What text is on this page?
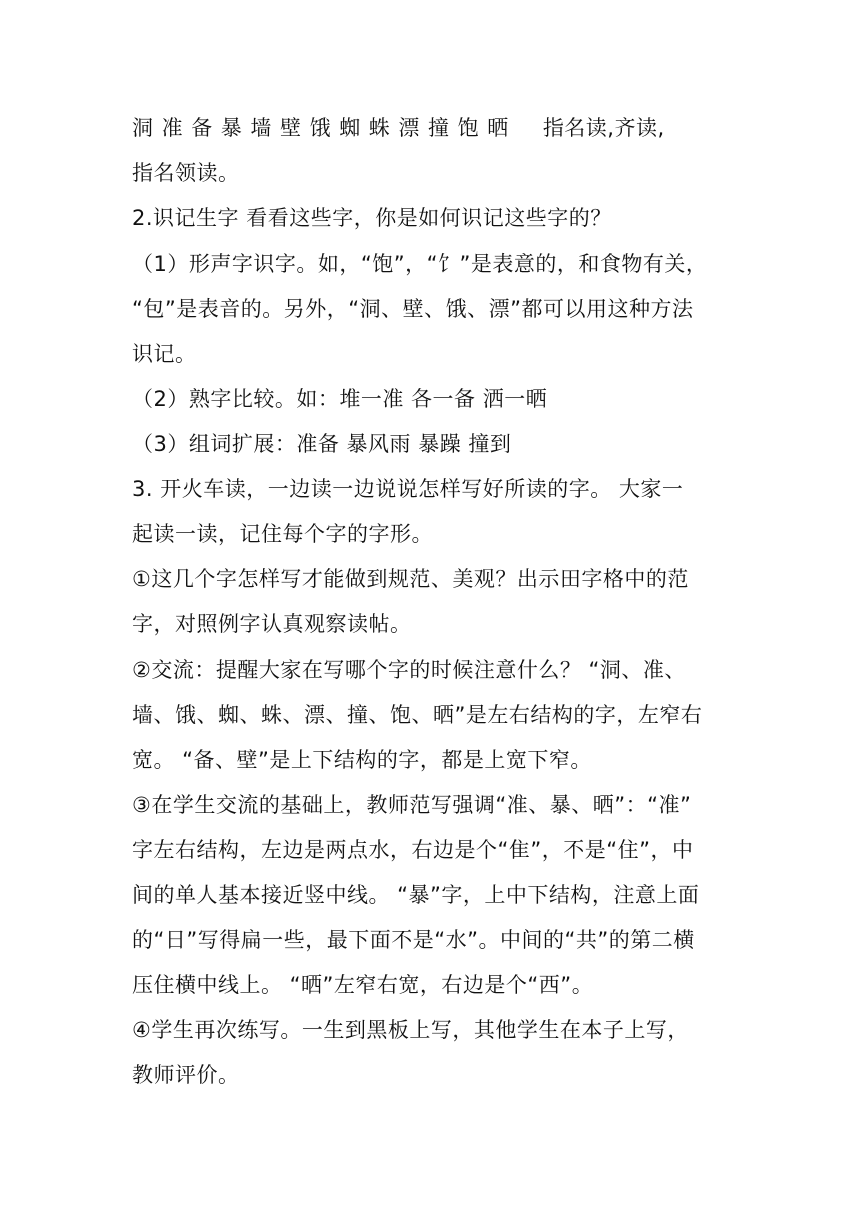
洞准备暴墙壁饿蜘蛛漂撞饱晒 指名读,齐读,
指名领读。
2.识记生字 看看这些字，你是如何识记这些字的？
（1）形声字识字。如，“饱”，“饣”是表意的，和食物有关，
“包”是表音的。另外，“洞、壁、饿、漂”都可以用这种方法
识记。
（2）熟字比较。如：堆一准 各一备 洒一晒
（3）组词扩展：准备 暴风雨 暴躁 撞到
3. 开火车读，一边读一边说说怎样写好所读的字。 大家一
起读一读，记住每个字的字形。
①这几个字怎样写才能做到规范、美观？出示田字格中的范
字，对照例字认真观察读帖。
②交流：提醒大家在写哪个字的时候注意什么？ “洞、准、
墙、饿、蜘、蛛、漂、撞、饱、晒”是左右结构的字，左窄右
宽。 “备、壁”是上下结构的字，都是上宽下窄。
③在学生交流的基础上，教师范写强调“准、暴、晒”：“准”
字左右结构，左边是两点水，右边是个“隹”，不是“住”，中
间的单人基本接近竖中线。 “暴”字，上中下结构，注意上面
的“日”写得扁一些，最下面不是“水”。中间的“共”的第二横
压住横中线上。 “晒”左窄右宽，右边是个“西”。
④学生再次练写。一生到黑板上写，其他学生在本子上写，
教师评价。
